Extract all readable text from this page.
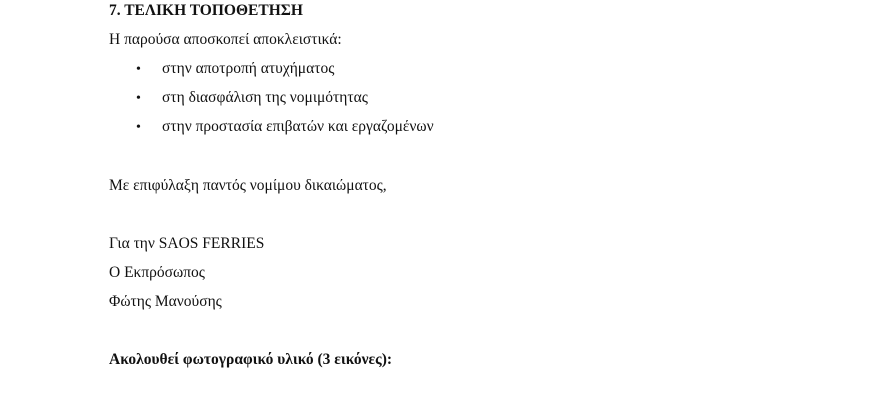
7. ΤΕΛΙΚΗ ΤΟΠΟΘΕΤΗΣΗ
Η παρούσα αποσκοπεί αποκλειστικά:
• στην αποτροπή ατυχήματος
• στη διασφάλιση της νομιμότητας
• στην προστασία επιβατών και εργαζομένων
Με επιφύλαξη παντός νομίμου δικαιώματος,
Για την SAOS FERRIES
Ο Εκπρόσωπος
Φώτης Μανούσης
Ακολουθεί φωτογραφικό υλικό (3 εικόνες):
